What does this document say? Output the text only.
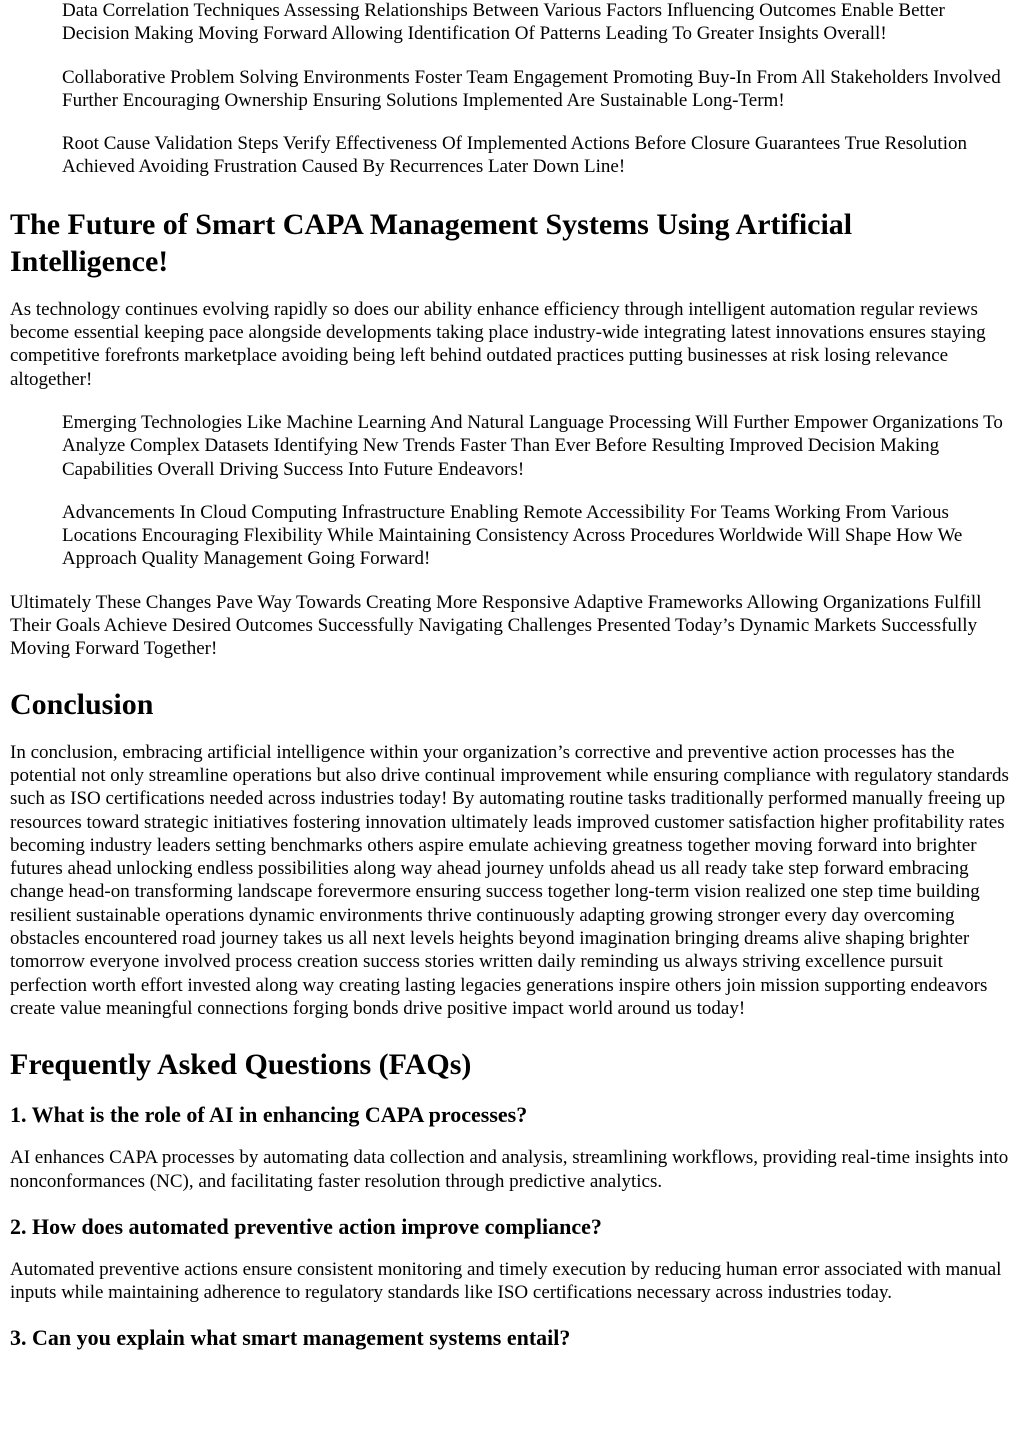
Data Correlation Techniques Assessing Relationships Between Various Factors Influencing Outcomes Enable Better Decision Making Moving Forward Allowing Identification Of Patterns Leading To Greater Insights Overall!

Collaborative Problem Solving Environments Foster Team Engagement Promoting Buy-In From All Stakeholders Involved Further Encouraging Ownership Ensuring Solutions Implemented Are Sustainable Long-Term!

Root Cause Validation Steps Verify Effectiveness Of Implemented Actions Before Closure Guarantees True Resolution Achieved Avoiding Frustration Caused By Recurrences Later Down Line!

The Future of Smart CAPA Management Systems Using Artificial Intelligence!

As technology continues evolving rapidly so does our ability enhance efficiency through intelligent automation regular reviews become essential keeping pace alongside developments taking place industry-wide integrating latest innovations ensures staying competitive forefronts marketplace avoiding being left behind outdated practices putting businesses at risk losing relevance altogether!

Emerging Technologies Like Machine Learning And Natural Language Processing Will Further Empower Organizations To Analyze Complex Datasets Identifying New Trends Faster Than Ever Before Resulting Improved Decision Making Capabilities Overall Driving Success Into Future Endeavors!

Advancements In Cloud Computing Infrastructure Enabling Remote Accessibility For Teams Working From Various Locations Encouraging Flexibility While Maintaining Consistency Across Procedures Worldwide Will Shape How We Approach Quality Management Going Forward!

Ultimately These Changes Pave Way Towards Creating More Responsive Adaptive Frameworks Allowing Organizations Fulfill Their Goals Achieve Desired Outcomes Successfully Navigating Challenges Presented Today’s Dynamic Markets Successfully Moving Forward Together!

Conclusion

In conclusion, embracing artificial intelligence within your organization’s corrective and preventive action processes has the potential not only streamline operations but also drive continual improvement while ensuring compliance with regulatory standards such as ISO certifications needed across industries today! By automating routine tasks traditionally performed manually freeing up resources toward strategic initiatives fostering innovation ultimately leads improved customer satisfaction higher profitability rates becoming industry leaders setting benchmarks others aspire emulate achieving greatness together moving forward into brighter futures ahead unlocking endless possibilities along way ahead journey unfolds ahead us all ready take step forward embracing change head-on transforming landscape forevermore ensuring success together long-term vision realized one step time building resilient sustainable operations dynamic environments thrive continuously adapting growing stronger every day overcoming obstacles encountered road journey takes us all next levels heights beyond imagination bringing dreams alive shaping brighter tomorrow everyone involved process creation success stories written daily reminding us always striving excellence pursuit perfection worth effort invested along way creating lasting legacies generations inspire others join mission supporting endeavors create value meaningful connections forging bonds drive positive impact world around us today!

Frequently Asked Questions (FAQs)
1. What is the role of AI in enhancing CAPA processes?

AI enhances CAPA processes by automating data collection and analysis, streamlining workflows, providing real-time insights into nonconformances (NC), and facilitating faster resolution through predictive analytics.

2. How does automated preventive action improve compliance?

Automated preventive actions ensure consistent monitoring and timely execution by reducing human error associated with manual inputs while maintaining adherence to regulatory standards like ISO certifications necessary across industries today.

3. Can you explain what smart management systems entail?
